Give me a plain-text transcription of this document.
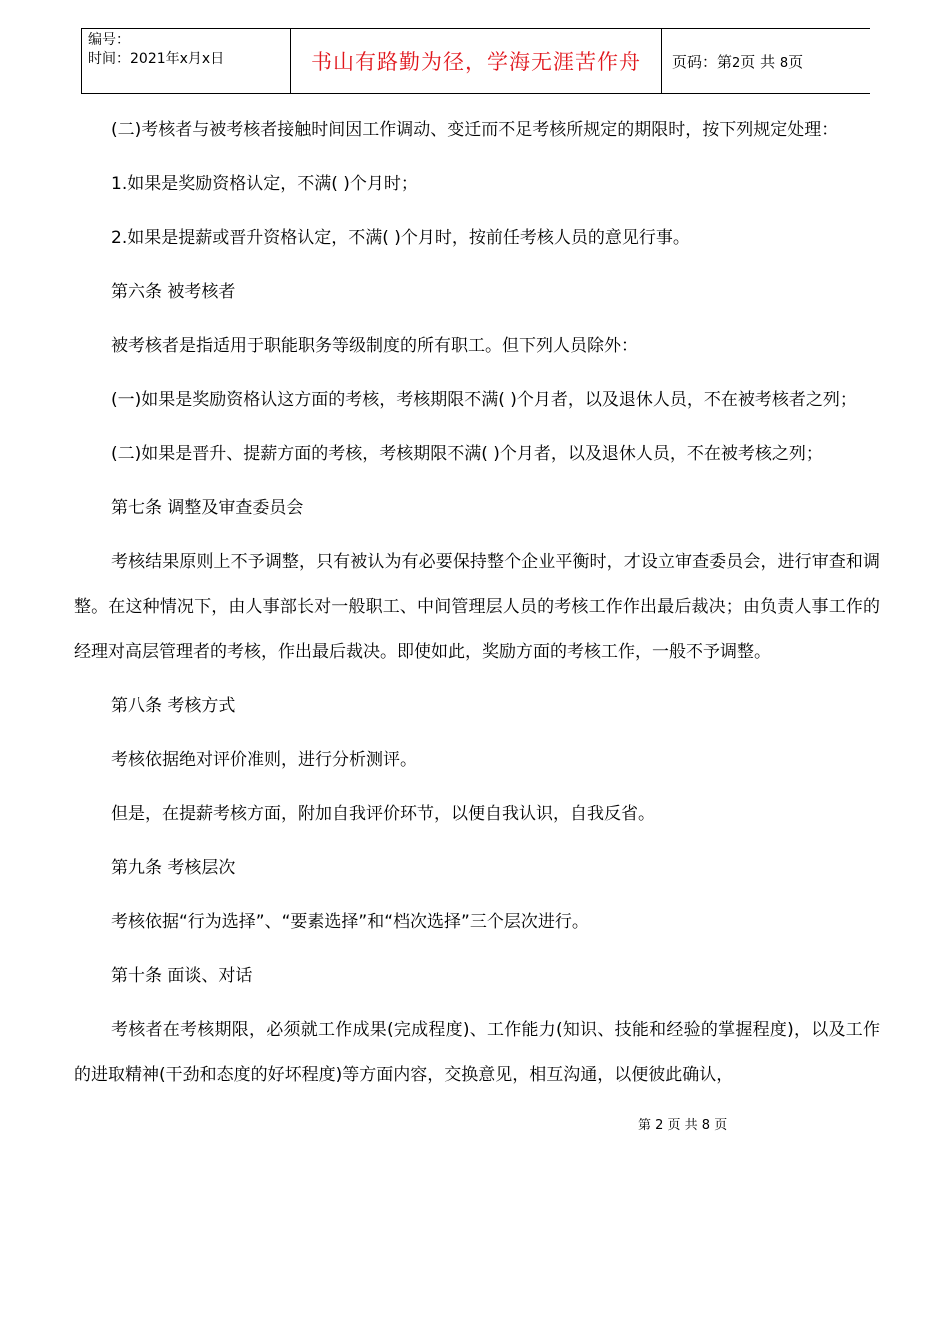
编号：
时间：2021年x月x日	书山有路勤为径，学海无涯苦作舟	页码：第2页 共 8页

(二)考核者与被考核者接触时间因工作调动、变迁而不足考核所规定的期限时，按下列规定处理：

1.如果是奖励资格认定，不满( )个月时；

2.如果是提薪或晋升资格认定，不满( )个月时，按前任考核人员的意见行事。

第六条 被考核者

被考核者是指适用于职能职务等级制度的所有职工。但下列人员除外：

(一)如果是奖励资格认这方面的考核，考核期限不满( )个月者，以及退休人员，不在被考核者之列；

(二)如果是晋升、提薪方面的考核，考核期限不满( )个月者，以及退休人员，不在被考核之列；

第七条 调整及审查委员会

考核结果原则上不予调整，只有被认为有必要保持整个企业平衡时，才设立审查委员会，进行审查和调整。在这种情况下，由人事部长对一般职工、中间管理层人员的考核工作作出最后裁决；由负责人事工作的经理对高层管理者的考核，作出最后裁决。即使如此，奖励方面的考核工作，一般不予调整。

第八条 考核方式

考核依据绝对评价准则，进行分析测评。

但是，在提薪考核方面，附加自我评价环节，以便自我认识，自我反省。

第九条 考核层次

考核依据“行为选择”、“要素选择”和“档次选择”三个层次进行。

第十条 面谈、对话

考核者在考核期限，必须就工作成果(完成程度)、工作能力(知识、技能和经验的掌握程度)，以及工作的进取精神(干劲和态度的好坏程度)等方面内容，交换意见，相互沟通，以便彼此确认，

第 2 页 共 8 页
